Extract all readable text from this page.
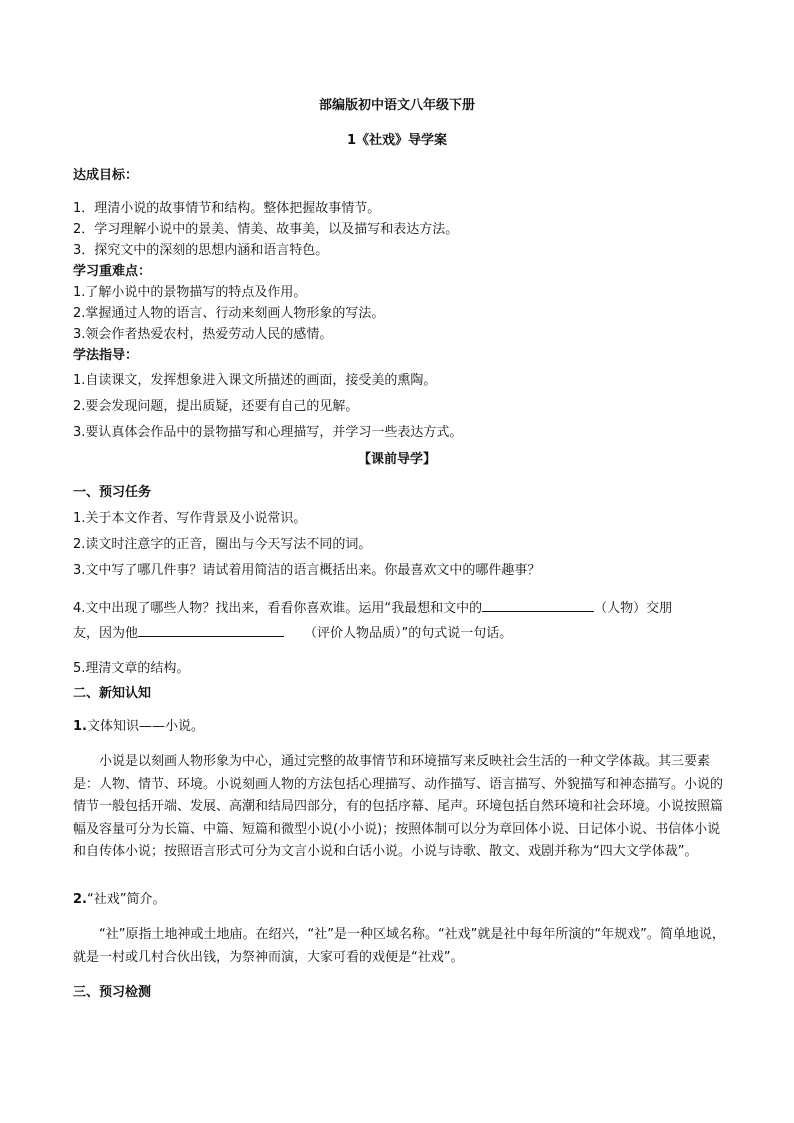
部编版初中语文八年级下册
1《社戏》导学案
达成目标：
1．理清小说的故事情节和结构。整体把握故事情节。
2．学习理解小说中的景美、情美、故事美，以及描写和表达方法。
3．探究文中的深刻的思想内涵和语言特色。
学习重难点：
1.了解小说中的景物描写的特点及作用。
2.掌握通过人物的语言、行动来刻画人物形象的写法。
3.领会作者热爱农村，热爱劳动人民的感情。
学法指导：
1.自读课文，发挥想象进入课文所描述的画面，接受美的熏陶。
2.要会发现问题，提出质疑，还要有自己的见解。
3.要认真体会作品中的景物描写和心理描写，并学习一些表达方式。
【课前导学】
一、预习任务
1.关于本文作者、写作背景及小说常识。
2.读文时注意字的正音，圈出与今天写法不同的词。
3.文中写了哪几件事？请试着用简洁的语言概括出来。你最喜欢文中的哪件趣事？
4.文中出现了哪些人物？找出来，看看你喜欢谁。运用“我最想和文中的	（人物）交朋
友，因为他	（评价人物品质）”的句式说一句话。
5.理清文章的结构。
二、新知认知
1.文体知识——小说。
小说是以刻画人物形象为中心，通过完整的故事情节和环境描写来反映社会生活的一种文学体裁。其三要素是：人物、情节、环境。小说刻画人物的方法包括心理描写、动作描写、语言描写、外貌描写和神态描写。小说的情节一般包括开端、发展、高潮和结局四部分，有的包括序幕、尾声。环境包括自然环境和社会环境。小说按照篇幅及容量可分为长篇、中篇、短篇和微型小说(小小说)；按照体制可以分为章回体小说、日记体小说、书信体小说和自传体小说；按照语言形式可分为文言小说和白话小说。小说与诗歌、散文、戏剧并称为“四大文学体裁”。
2.“社戏”简介。
“社”原指土地神或土地庙。在绍兴，“社”是一种区域名称。“社戏”就是社中每年所演的“年规戏”。简单地说，就是一村或几村合伙出钱，为祭神而演，大家可看的戏便是“社戏”。
三、预习检测
